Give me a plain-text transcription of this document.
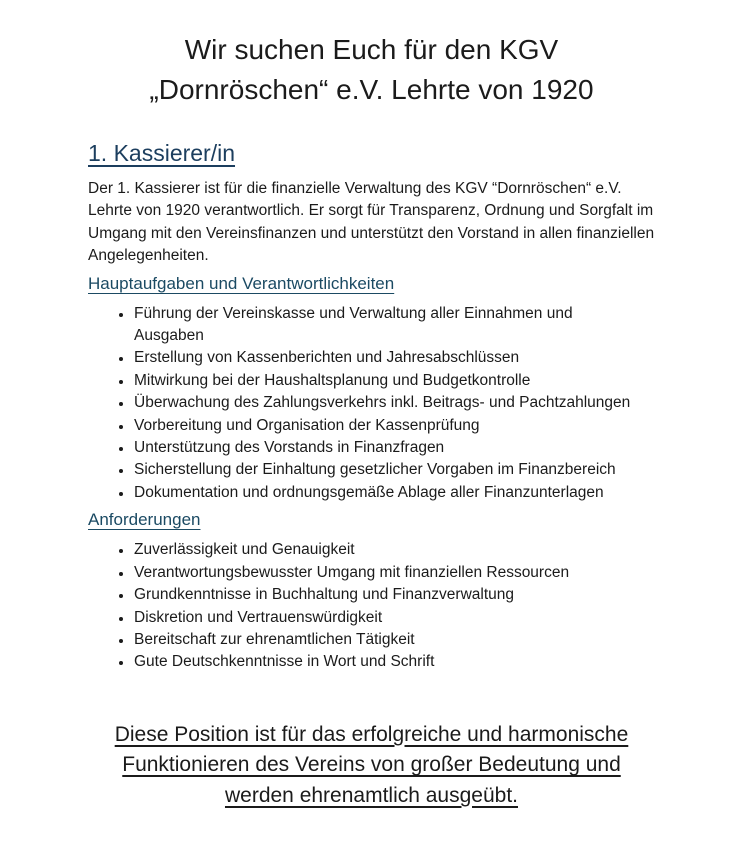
Wir suchen Euch für den KGV
„Dornröschen“ e.V. Lehrte von 1920
1. Kassierer/in

Der 1. Kassierer ist für die finanzielle Verwaltung des KGV “Dornröschen“ e.V. Lehrte von 1920 verantwortlich. Er sorgt für Transparenz, Ordnung und Sorgfalt im Umgang mit den Vereinsfinanzen und unterstützt den Vorstand in allen finanziellen Angelegenheiten.

Hauptaufgaben und Verantwortlichkeiten
• Führung der Vereinskasse und Verwaltung aller Einnahmen und Ausgaben
• Erstellung von Kassenberichten und Jahresabschlüssen
• Mitwirkung bei der Haushaltsplanung und Budgetkontrolle
• Überwachung des Zahlungsverkehrs inkl. Beitrags- und Pachtzahlungen
• Vorbereitung und Organisation der Kassenprüfung
• Unterstützung des Vorstands in Finanzfragen
• Sicherstellung der Einhaltung gesetzlicher Vorgaben im Finanzbereich
• Dokumentation und ordnungsgemäße Ablage aller Finanzunterlagen
Anforderungen
• Zuverlässigkeit und Genauigkeit
• Verantwortungsbewusster Umgang mit finanziellen Ressourcen
• Grundkenntnisse in Buchhaltung und Finanzverwaltung
• Diskretion und Vertrauenswürdigkeit
• Bereitschaft zur ehrenamtlichen Tätigkeit
• Gute Deutschkenntnisse in Wort und Schrift
Diese Position ist für das erfolgreiche und harmonische
Funktionieren des Vereins von großer Bedeutung und
werden ehrenamtlich ausgeübt.
